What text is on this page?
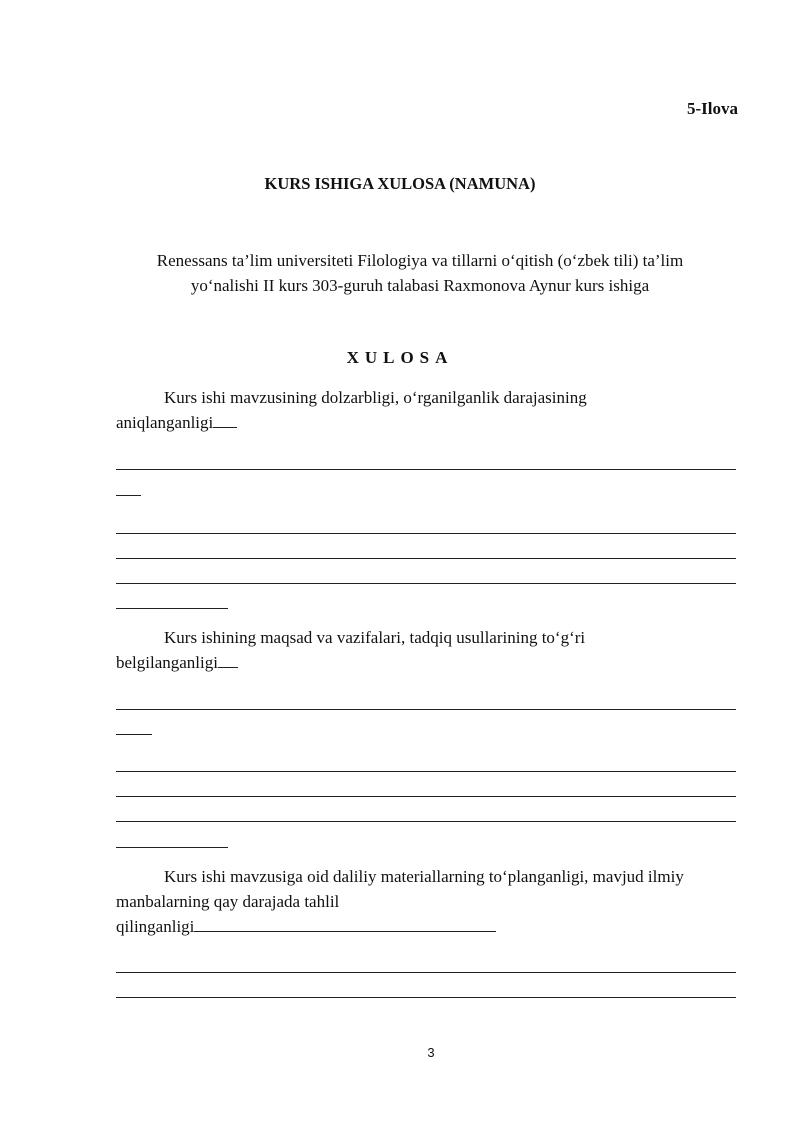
5-Ilova
KURS ISHIGA XULOSA (NAMUNA)
Renessans ta’lim universiteti Filologiya va tillarni o‘qitish (o‘zbek tili) ta’lim
yo‘nalishi II kurs 303-guruh talabasi Raxmonova Aynur kurs ishiga
XULOSA
Kurs ishi mavzusining dolzarbligi, o‘rganilganlik darajasining
aniqlanganligi
Kurs ishining maqsad va vazifalari, tadqiq usullarining to‘g‘ri
belgilanganligi
Kurs ishi mavzusiga oid daliliy materiallarning to‘planganligi, mavjud ilmiy
manbalarning qay darajada tahlil
qilinganligi
3
